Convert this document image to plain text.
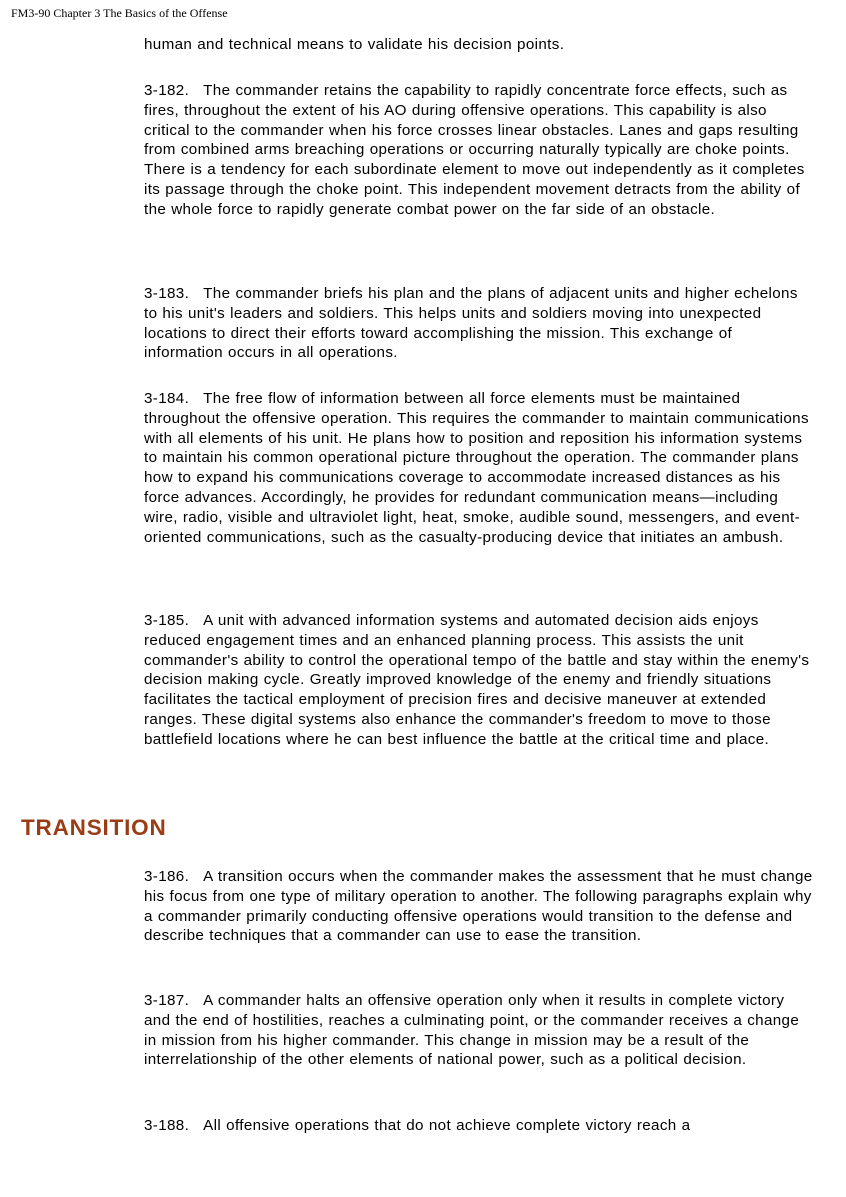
FM3-90 Chapter 3 The Basics of the Offense
human and technical means to validate his decision points.
3-182. The commander retains the capability to rapidly concentrate force effects, such as fires, throughout the extent of his AO during offensive operations. This capability is also critical to the commander when his force crosses linear obstacles. Lanes and gaps resulting from combined arms breaching operations or occurring naturally typically are choke points. There is a tendency for each subordinate element to move out independently as it completes its passage through the choke point. This independent movement detracts from the ability of the whole force to rapidly generate combat power on the far side of an obstacle.
3-183. The commander briefs his plan and the plans of adjacent units and higher echelons to his unit's leaders and soldiers. This helps units and soldiers moving into unexpected locations to direct their efforts toward accomplishing the mission. This exchange of information occurs in all operations.
3-184. The free flow of information between all force elements must be maintained throughout the offensive operation. This requires the commander to maintain communications with all elements of his unit. He plans how to position and reposition his information systems to maintain his common operational picture throughout the operation. The commander plans how to expand his communications coverage to accommodate increased distances as his force advances. Accordingly, he provides for redundant communication means—including wire, radio, visible and ultraviolet light, heat, smoke, audible sound, messengers, and event-oriented communications, such as the casualty-producing device that initiates an ambush.
3-185. A unit with advanced information systems and automated decision aids enjoys reduced engagement times and an enhanced planning process. This assists the unit commander's ability to control the operational tempo of the battle and stay within the enemy's decision making cycle. Greatly improved knowledge of the enemy and friendly situations facilitates the tactical employment of precision fires and decisive maneuver at extended ranges. These digital systems also enhance the commander's freedom to move to those battlefield locations where he can best influence the battle at the critical time and place.
TRANSITION
3-186. A transition occurs when the commander makes the assessment that he must change his focus from one type of military operation to another. The following paragraphs explain why a commander primarily conducting offensive operations would transition to the defense and describe techniques that a commander can use to ease the transition.
3-187. A commander halts an offensive operation only when it results in complete victory and the end of hostilities, reaches a culminating point, or the commander receives a change in mission from his higher commander. This change in mission may be a result of the interrelationship of the other elements of national power, such as a political decision.
3-188. All offensive operations that do not achieve complete victory reach a
